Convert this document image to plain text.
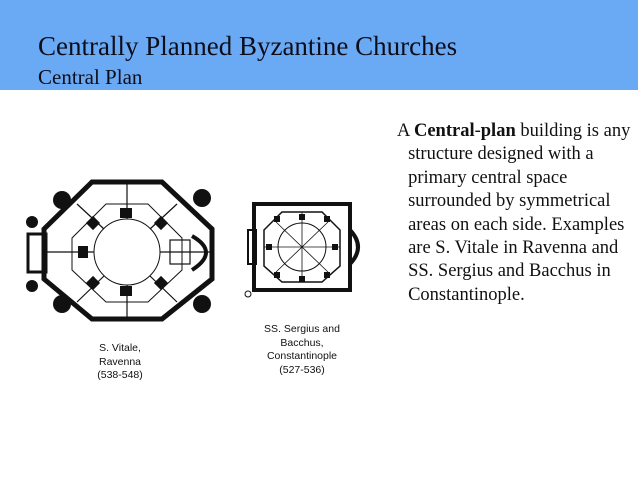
Centrally Planned Byzantine Churches
Central Plan
S. Vitale,
Ravenna
(538-548)
SS. Sergius and
Bacchus,
Constantinople
(527-536)
A Central-plan building is any structure designed with a primary central space surrounded by symmetrical areas on each side. Examples are S. Vitale in Ravenna and SS. Sergius and Bacchus in Constantinople.
